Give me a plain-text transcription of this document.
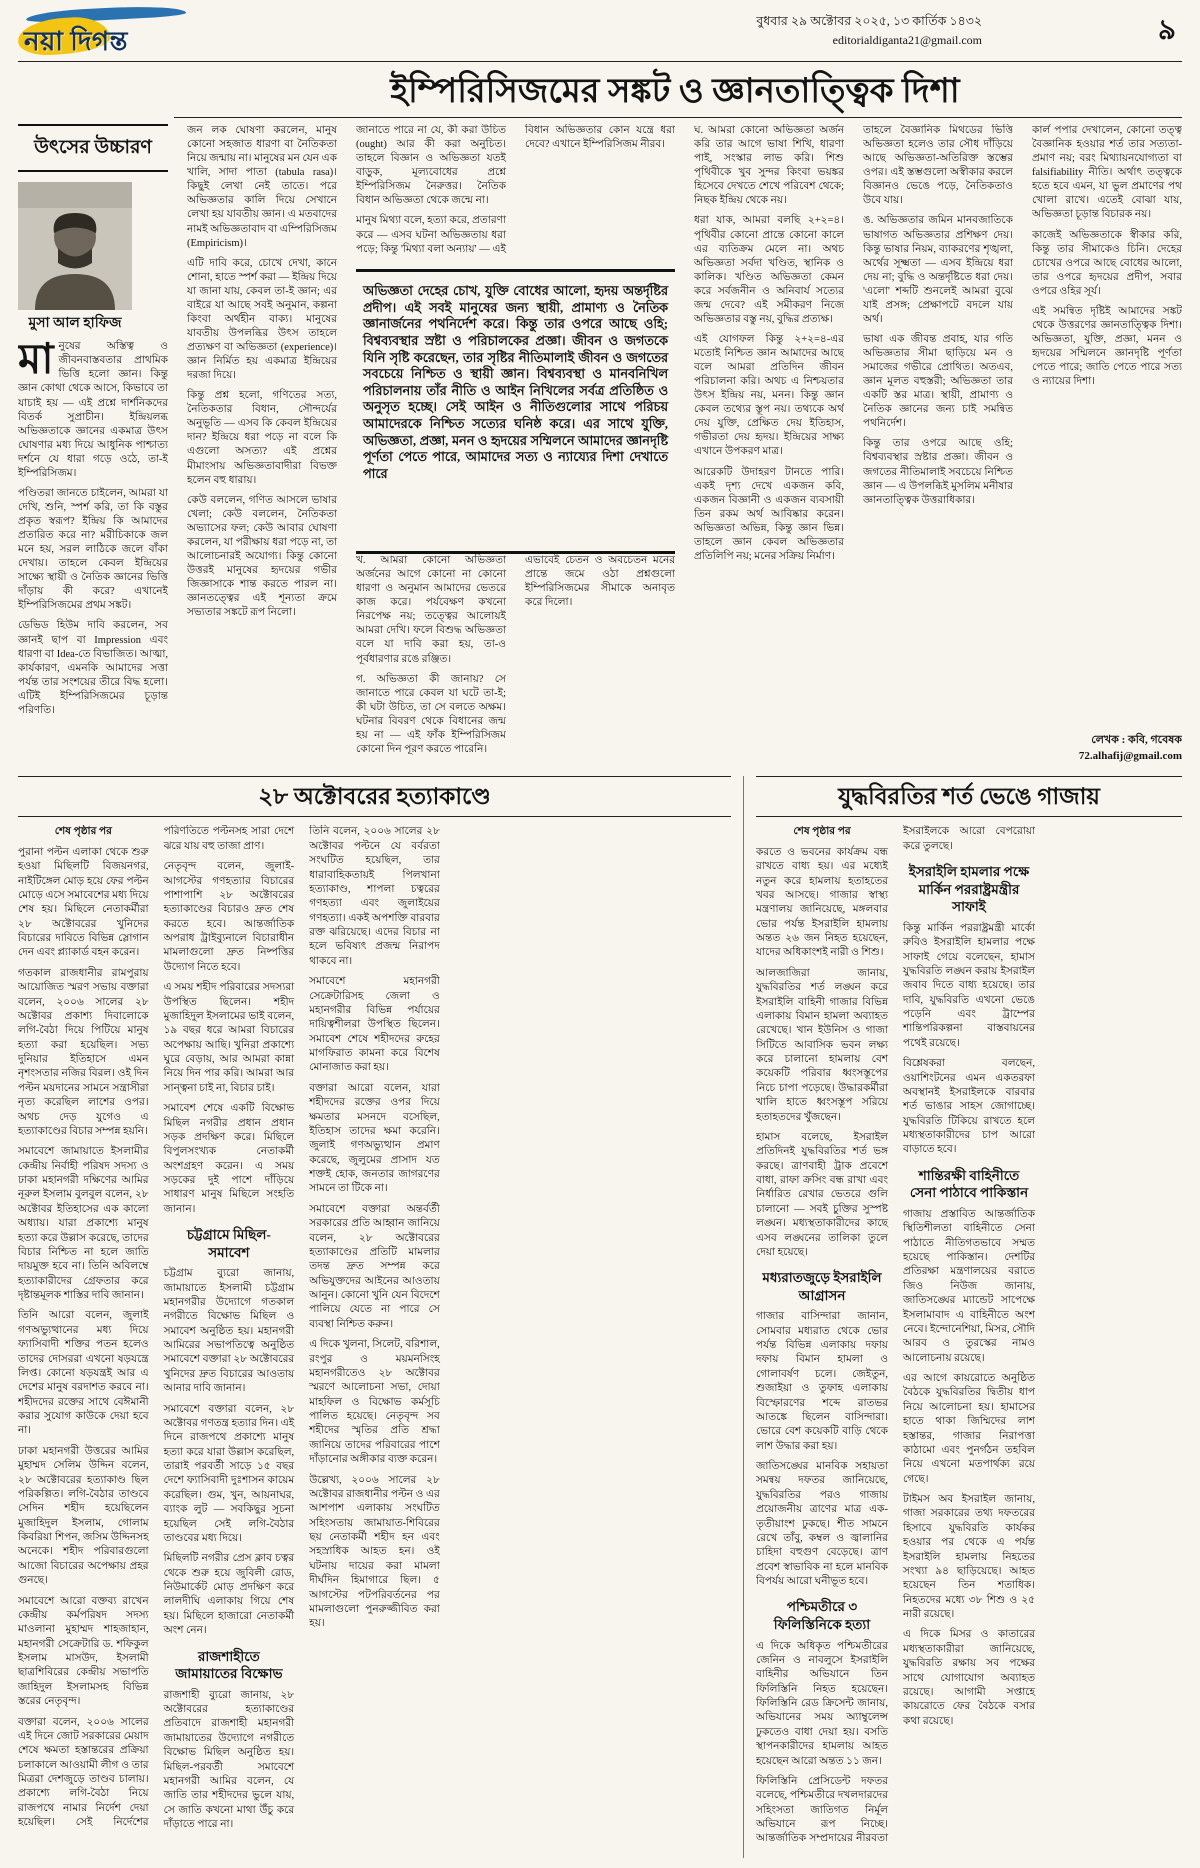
নয়া দিগন্ত
বুধবার ২৯ অক্টোবর ২০২৫, ১৩ কার্তিক ১৪৩২
editorialdiganta21@gmail.com	৯
ইম্পিরিসিজমের সঙ্কট ও জ্ঞানতাত্ত্বিক দিশা
উৎসের উচ্চারণ
মুসা আল হাফিজ

মানুষের অস্তিত্ব ও জীবনবাস্তবতার প্রাথমিক ভিত্তি হলো জ্ঞান। কিন্তু জ্ঞান কোথা থেকে আসে, কিভাবে তা যাচাই হয় — এই প্রশ্নে দার্শনিকদের বিতর্ক সুপ্রাচীন। ইন্দ্রিয়লব্ধ অভিজ্ঞতাকে জ্ঞানের একমাত্র উৎস ঘোষণার মধ্য দিয়ে আধুনিক পাশ্চাত্য দর্শনে যে ধারা গড়ে ওঠে, তা-ই ইম্পিরিসিজম।

পণ্ডিতরা জানতে চাইলেন, আমরা যা দেখি, শুনি, স্পর্শ করি, তা কি বস্তুর প্রকৃত স্বরূপ? ইন্দ্রিয় কি আমাদের প্রতারিত করে না? মরীচিকাকে জল মনে হয়, সরল লাঠিকে জলে বাঁকা দেখায়। তাহলে কেবল ইন্দ্রিয়ের সাক্ষ্যে স্থায়ী ও নৈতিক জ্ঞানের ভিত্তি দাঁড়ায় কী করে? এখানেই ইম্পিরিসিজমের প্রথম সঙ্কট।

ডেভিড হিউম দাবি করলেন, সব জ্ঞানই ছাপ বা Impression এবং ধারণা বা Idea-তে বিভাজিত। আত্মা, কার্যকারণ, এমনকি আমাদের সত্তা পর্যন্ত তার সংশয়ের তীরে বিদ্ধ হলো। এটিই ইম্পিরিসিজমের চূড়ান্ত পরিণতি।

জন লক ঘোষণা করলেন, মানুষ কোনো সহজাত ধারণা বা নৈতিকতা নিয়ে জন্মায় না। মানুষের মন যেন এক খালি, সাদা পাতা (tabula rasa)। কিছুই লেখা নেই তাতে। পরে অভিজ্ঞতার কালি দিয়ে সেখানে লেখা হয় যাবতীয় জ্ঞান। এ মতবাদের নামই অভিজ্ঞতাবাদ বা এম্পিরিসিজম (Empiricism)।

এটি দাবি করে, চোখে দেখা, কানে শোনা, হাতে স্পর্শ করা — ইন্দ্রিয় দিয়ে যা জানা যায়, কেবল তা-ই জ্ঞান; এর বাইরে যা আছে সবই অনুমান, কল্পনা কিংবা অর্থহীন বাক্য। মানুষের যাবতীয় উপলব্ধির উৎস তাহলে প্রত্যক্ষণ বা অভিজ্ঞতা (experience)। জ্ঞান নির্মিত হয় একমাত্র ইন্দ্রিয়ের দরজা দিয়ে।

কিন্তু প্রশ্ন হলো, গণিতের সত্য, নৈতিকতার বিধান, সৌন্দর্যের অনুভূতি — এসব কি কেবল ইন্দ্রিয়ের দান? ইন্দ্রিয়ে ধরা পড়ে না বলে কি এগুলো অসত্য? এই প্রশ্নের মীমাংসায় অভিজ্ঞতাবাদীরা বিভক্ত হলেন বহু ধারায়।

কেউ বললেন, গণিত আসলে ভাষার খেলা; কেউ বললেন, নৈতিকতা অভ্যাসের ফল; কেউ আবার ঘোষণা করলেন, যা পরীক্ষায় ধরা পড়ে না, তা আলোচনারই অযোগ্য। কিন্তু কোনো উত্তরই মানুষের হৃদয়ের গভীর জিজ্ঞাসাকে শান্ত করতে পারল না। জ্ঞানতত্ত্বের এই শূন্যতা ক্রমে সভ্যতার সঙ্কটে রূপ নিলো।

জানাতে পারে না যে, কী করা উচিত (ought) আর কী করা অনুচিত। তাহলে বিজ্ঞান ও অভিজ্ঞতা যতই বাড়ুক, মূল্যবোধের প্রশ্নে ইম্পিরিসিজম নৈরুত্তর। নৈতিক বিধান অভিজ্ঞতা থেকে জন্মে না।

মানুষ মিথ্যা বলে, হত্যা করে, প্রতারণা করে — এসব ঘটনা অভিজ্ঞতায় ধরা পড়ে; কিন্তু 'মিথ্যা বলা অন্যায়' — এই বিধান অভিজ্ঞতার কোন যন্ত্রে ধরা দেবে? এখানে ইম্পিরিসিজম নীরব।

অভিজ্ঞতা দেহের চোখ, যুক্তি বোধের আলো, হৃদয় অন্তর্দৃষ্টির প্রদীপ। এই সবই মানুষের জন্য স্থায়ী, প্রামাণ্য ও নৈতিক জ্ঞানার্জনের পথনির্দেশ করে। কিন্তু তার ওপরে আছে ওহি; বিশ্বব্যবস্থার স্রষ্টা ও পরিচালকের প্রজ্ঞা। জীবন ও জগতকে যিনি সৃষ্টি করেছেন, তার সৃষ্টির নীতিমালাই জীবন ও জগতের সবচেয়ে নিশ্চিত ও স্থায়ী জ্ঞান। বিশ্বব্যবস্থা ও মানবনিখিল পরিচালনায় তাঁর নীতি ও আইন নিখিলের সর্বত্র প্রতিষ্ঠিত ও অনুসৃত হচ্ছে। সেই আইন ও নীতিগুলোর সাথে পরিচয় আমাদেরকে নিশ্চিত সত্যের ঘনিষ্ঠ করে। এর সাথে যুক্তি, অভিজ্ঞতা, প্রজ্ঞা, মনন ও হৃদয়ের সম্মিলনে আমাদের জ্ঞানদৃষ্টি পূর্ণতা পেতে পারে, আমাদের সত্য ও ন্যায্যের দিশা দেখাতে পারে

খ. আমরা কোনো অভিজ্ঞতা অর্জনের আগে কোনো না কোনো ধারণা ও অনুমান আমাদের ভেতরে কাজ করে। পর্যবেক্ষণ কখনো নিরপেক্ষ নয়; তত্ত্বের আলোয়ই আমরা দেখি। ফলে বিশুদ্ধ অভিজ্ঞতা বলে যা দাবি করা হয়, তা-ও পূর্বধারণার রঙে রঞ্জিত।

গ. অভিজ্ঞতা কী জানায়? সে জানাতে পারে কেবল যা ঘটে তা-ই; কী ঘটা উচিত, তা সে বলতে অক্ষম। ঘটনার বিবরণ থেকে বিধানের জন্ম হয় না — এই ফাঁক ইম্পিরিসিজম কোনো দিন পূরণ করতে পারেনি।

এভাবেই চেতন ও অবচেতন মনের প্রান্তে জমে ওঠা প্রশ্নগুলো ইম্পিরিসিজমের সীমাকে অনাবৃত করে দিলো।

ঘ. আমরা কোনো অভিজ্ঞতা অর্জন করি তার আগে ভাষা শিখি, ধারণা পাই, সংস্কার লাভ করি। শিশু পৃথিবীকে খুব সুন্দর কিংবা ভয়ঙ্কর হিসেবে দেখতে শেখে পরিবেশ থেকে; নিছক ইন্দ্রিয় থেকে নয়।

ধরা যাক, আমরা বলছি ২+২=৪। পৃথিবীর কোনো প্রান্তে কোনো কালে এর ব্যতিক্রম মেলে না। অথচ অভিজ্ঞতা সর্বদা খণ্ডিত, স্থানিক ও কালিক। খণ্ডিত অভিজ্ঞতা কেমন করে সর্বজনীন ও অনিবার্য সত্যের জন্ম দেবে? এই সমীকরণ নিজে অভিজ্ঞতার বস্তু নয়, বুদ্ধির প্রত্যক্ষ।

এই যোগফল কিন্তু ২+২=৪-এর মতোই নিশ্চিত জ্ঞান আমাদের আছে বলে আমরা প্রতিদিন জীবন পরিচালনা করি। অথচ এ নিশ্চয়তার উৎস ইন্দ্রিয় নয়, মনন। কিন্তু জ্ঞান কেবল তথ্যের স্তূপ নয়। তথ্যকে অর্থ দেয় যুক্তি, প্রেক্ষিত দেয় ইতিহাস, গভীরতা দেয় হৃদয়। ইন্দ্রিয়ের সাক্ষ্য এখানে উপকরণ মাত্র।

আরেকটি উদাহরণ টানতে পারি। একই দৃশ্য দেখে একজন কবি, একজন বিজ্ঞানী ও একজন ব্যবসায়ী তিন রকম অর্থ আবিষ্কার করেন। অভিজ্ঞতা অভিন্ন, কিন্তু জ্ঞান ভিন্ন। তাহলে জ্ঞান কেবল অভিজ্ঞতার প্রতিলিপি নয়; মনের সক্রিয় নির্মাণ।

তাহলে বৈজ্ঞানিক মিথডের ভিত্তি অভিজ্ঞতা হলেও তার সৌধ দাঁড়িয়ে আছে অভিজ্ঞতা-অতিরিক্ত স্তম্ভের ওপর। এই স্তম্ভগুলো অস্বীকার করলে বিজ্ঞানও ভেঙে পড়ে, নৈতিকতাও উবে যায়।

ঙ. অভিজ্ঞতার জমিন মানবজাতিকে ভাষাগত অভিজ্ঞতার প্রশিক্ষণ দেয়। কিন্তু ভাষার নিয়ম, ব্যাকরণের শৃঙ্খলা, অর্থের সূক্ষ্মতা — এসব ইন্দ্রিয়ে ধরা দেয় না; বুদ্ধি ও অন্তর্দৃষ্টিতে ধরা দেয়। 'এলো' শব্দটি শুনলেই আমরা বুঝে যাই প্রসঙ্গ; প্রেক্ষাপটে বদলে যায় অর্থ।

ভাষা এক জীবন্ত প্রবাহ, যার গতি অভিজ্ঞতার সীমা ছাড়িয়ে মন ও সমাজের গভীরে প্রোথিত। অতএব, জ্ঞান মূলত বহুস্তরী; অভিজ্ঞতা তার একটি স্তর মাত্র। স্থায়ী, প্রামাণ্য ও নৈতিক জ্ঞানের জন্য চাই সমন্বিত পথনির্দেশ।

কিন্তু তার ওপরে আছে ওহি; বিশ্বব্যবস্থার স্রষ্টার প্রজ্ঞা। জীবন ও জগতের নীতিমালাই সবচেয়ে নিশ্চিত জ্ঞান — এ উপলব্ধিই মুসলিম মনীষার জ্ঞানতাত্ত্বিক উত্তরাধিকার।

কার্ল পপার দেখালেন, কোনো তত্ত্ব বৈজ্ঞানিক হওয়ার শর্ত তার সত্যতা-প্রমাণ নয়; বরং মিথ্যায়নযোগ্যতা বা falsifiability নীতি। অর্থাৎ তত্ত্বকে হতে হবে এমন, যা ভুল প্রমাণের পথ খোলা রাখে। এতেই বোঝা যায়, অভিজ্ঞতা চূড়ান্ত বিচারক নয়।

কাজেই অভিজ্ঞতাকে স্বীকার করি, কিন্তু তার সীমাকেও চিনি। দেহের চোখের ওপরে আছে বোধের আলো, তার ওপরে হৃদয়ের প্রদীপ, সবার ওপরে ওহির সূর্য।

এই সমন্বিত দৃষ্টিই আমাদের সঙ্কট থেকে উত্তরণের জ্ঞানতাত্ত্বিক দিশা। অভিজ্ঞতা, যুক্তি, প্রজ্ঞা, মনন ও হৃদয়ের সম্মিলনে জ্ঞানদৃষ্টি পূর্ণতা পেতে পারে; জাতি পেতে পারে সত্য ও ন্যায়ের দিশা।

লেখক : কবি, গবেষক
72.alhafij@gmail.com
২৮ অক্টোবরের হত্যাকাণ্ডে

শেষ পৃষ্ঠার পর

পুরানা পল্টন এলাকা থেকে শুরু হওয়া মিছিলটি বিজয়নগর, নাইটিঙ্গেল মোড় হয়ে ফের পল্টন মোড়ে এসে সমাবেশের মধ্য দিয়ে শেষ হয়। মিছিলে নেতাকর্মীরা ২৮ অক্টোবরের খুনিদের বিচারের দাবিতে বিভিন্ন স্লোগান দেন এবং প্ল্যাকার্ড বহন করেন।

গতকাল রাজধানীর রামপুরায় আয়োজিত স্মরণ সভায় বক্তারা বলেন, ২০০৬ সালের ২৮ অক্টোবর প্রকাশ্য দিবালোকে লগি-বৈঠা দিয়ে পিটিয়ে মানুষ হত্যা করা হয়েছিল। সভ্য দুনিয়ার ইতিহাসে এমন নৃশংসতার নজির বিরল। ওই দিন পল্টন ময়দানের সামনে সন্ত্রাসীরা নৃত্য করেছিল লাশের ওপর। অথচ দেড় যুগেও এ হত্যাকাণ্ডের বিচার সম্পন্ন হয়নি।

সমাবেশে জামায়াতে ইসলামীর কেন্দ্রীয় নির্বাহী পরিষদ সদস্য ও ঢাকা মহানগরী দক্ষিণের আমির নূরুল ইসলাম বুলবুল বলেন, ২৮ অক্টোবর ইতিহাসের এক কালো অধ্যায়। যারা প্রকাশ্যে মানুষ হত্যা করে উল্লাস করেছে, তাদের বিচার নিশ্চিত না হলে জাতি দায়মুক্ত হবে না। তিনি অবিলম্বে হত্যাকারীদের গ্রেফতার করে দৃষ্টান্তমূলক শাস্তির দাবি জানান।

তিনি আরো বলেন, জুলাই গণঅভ্যুত্থানের মধ্য দিয়ে ফ্যাসিবাদী শক্তির পতন হলেও তাদের দোসররা এখনো ষড়যন্ত্রে লিপ্ত। কোনো ষড়যন্ত্রই আর এ দেশের মানুষ বরদাশত করবে না। শহীদদের রক্তের সাথে বেঈমানী করার সুযোগ কাউকে দেয়া হবে না।

ঢাকা মহানগরী উত্তরের আমির মুহাম্মদ সেলিম উদ্দিন বলেন, ২৮ অক্টোবরের হত্যাকাণ্ড ছিল পরিকল্পিত। লগি-বৈঠার তাণ্ডবে সেদিন শহীদ হয়েছিলেন মুজাহিদুল ইসলাম, গোলাম কিবরিয়া শিপন, জসিম উদ্দিনসহ অনেকে। শহীদ পরিবারগুলো আজো বিচারের অপেক্ষায় প্রহর গুনছে।

সমাবেশে আরো বক্তব্য রাখেন কেন্দ্রীয় কর্মপরিষদ সদস্য মাওলানা মুহাম্মদ শাহজাহান, মহানগরী সেক্রেটারি ড. শফিকুল ইসলাম মাসউদ, ইসলামী ছাত্রশিবিরের কেন্দ্রীয় সভাপতি জাহিদুল ইসলামসহ বিভিন্ন স্তরের নেতৃবৃন্দ।

বক্তারা বলেন, ২০০৬ সালের এই দিনে জোট সরকারের মেয়াদ শেষে ক্ষমতা হস্তান্তরের প্রক্রিয়া চলাকালে আওয়ামী লীগ ও তার মিত্ররা দেশজুড়ে তাণ্ডব চালায়। প্রকাশ্যে লগি-বৈঠা নিয়ে রাজপথে নামার নির্দেশ দেয়া হয়েছিল। সেই নির্দেশের পরিণতিতে পল্টনসহ সারা দেশে ঝরে যায় বহু তাজা প্রাণ।

নেতৃবৃন্দ বলেন, জুলাই-আগস্টের গণহত্যার বিচারের পাশাপাশি ২৮ অক্টোবরের হত্যাকাণ্ডের বিচারও দ্রুত শেষ করতে হবে। আন্তর্জাতিক অপরাধ ট্রাইব্যুনালে বিচারাধীন মামলাগুলো দ্রুত নিষ্পত্তির উদ্যোগ নিতে হবে।

এ সময় শহীদ পরিবারের সদস্যরা উপস্থিত ছিলেন। শহীদ মুজাহিদুল ইসলামের ভাই বলেন, ১৯ বছর ধরে আমরা বিচারের অপেক্ষায় আছি। খুনিরা প্রকাশ্যে ঘুরে বেড়ায়, আর আমরা কান্না নিয়ে দিন পার করি। আমরা আর সান্ত্বনা চাই না, বিচার চাই।

সমাবেশ শেষে একটি বিক্ষোভ মিছিল নগরীর প্রধান প্রধান সড়ক প্রদক্ষিণ করে। মিছিলে বিপুলসংখ্যক নেতাকর্মী অংশগ্রহণ করেন। এ সময় সড়কের দুই পাশে দাঁড়িয়ে সাধারণ মানুষ মিছিলে সংহতি জানান।

চট্টগ্রামে মিছিল-সমাবেশ

চট্টগ্রাম ব্যুরো জানায়, জামায়াতে ইসলামী চট্টগ্রাম মহানগরীর উদ্যোগে গতকাল নগরীতে বিক্ষোভ মিছিল ও সমাবেশ অনুষ্ঠিত হয়। মহানগরী আমিরের সভাপতিত্বে অনুষ্ঠিত সমাবেশে বক্তারা ২৮ অক্টোবরের খুনিদের দ্রুত বিচারের আওতায় আনার দাবি জানান।

সমাবেশে বক্তারা বলেন, ২৮ অক্টোবর গণতন্ত্র হত্যার দিন। এই দিনে রাজপথে প্রকাশ্যে মানুষ হত্যা করে যারা উল্লাস করেছিল, তারাই পরবর্তী সাড়ে ১৫ বছর দেশে ফ্যাসিবাদী দুঃশাসন কায়েম করেছিল। গুম, খুন, আয়নাঘর, ব্যাংক লুট — সবকিছুর সূচনা হয়েছিল সেই লগি-বৈঠার তাণ্ডবের মধ্য দিয়ে।

মিছিলটি নগরীর প্রেস ক্লাব চত্বর থেকে শুরু হয়ে জুবিলী রোড, নিউমার্কেট মোড় প্রদক্ষিণ করে লালদীঘি এলাকায় গিয়ে শেষ হয়। মিছিলে হাজারো নেতাকর্মী অংশ নেন।

রাজশাহীতে জামায়াতের বিক্ষোভ

রাজশাহী ব্যুরো জানায়, ২৮ অক্টোবরের হত্যাকাণ্ডের প্রতিবাদে রাজশাহী মহানগরী জামায়াতের উদ্যোগে নগরীতে বিক্ষোভ মিছিল অনুষ্ঠিত হয়। মিছিল-পরবর্তী সমাবেশে মহানগরী আমির বলেন, যে জাতি তার শহীদদের ভুলে যায়, সে জাতি কখনো মাথা উঁচু করে দাঁড়াতে পারে না।

তিনি বলেন, ২০০৬ সালের ২৮ অক্টোবর পল্টনে যে বর্বরতা সংঘটিত হয়েছিল, তার ধারাবাহিকতায়ই পিলখানা হত্যাকাণ্ড, শাপলা চত্বরের গণহত্যা এবং জুলাইয়ের গণহত্যা। একই অপশক্তি বারবার রক্ত ঝরিয়েছে। এদের বিচার না হলে ভবিষ্যৎ প্রজন্ম নিরাপদ থাকবে না।

সমাবেশে মহানগরী সেক্রেটারিসহ জেলা ও মহানগরীর বিভিন্ন পর্যায়ের দায়িত্বশীলরা উপস্থিত ছিলেন। সমাবেশ শেষে শহীদদের রুহের মাগফিরাত কামনা করে বিশেষ মোনাজাত করা হয়।

বক্তারা আরো বলেন, যারা শহীদদের রক্তের ওপর দিয়ে ক্ষমতার মসনদে বসেছিল, ইতিহাস তাদের ক্ষমা করেনি। জুলাই গণঅভ্যুত্থান প্রমাণ করেছে, জুলুমের প্রাসাদ যত শক্তই হোক, জনতার জাগরণের সামনে তা টিকে না।

সমাবেশে বক্তারা অন্তর্বর্তী সরকারের প্রতি আহ্বান জানিয়ে বলেন, ২৮ অক্টোবরের হত্যাকাণ্ডের প্রতিটি মামলার তদন্ত দ্রুত সম্পন্ন করে অভিযুক্তদের আইনের আওতায় আনুন। কোনো খুনি যেন বিদেশে পালিয়ে যেতে না পারে সে ব্যবস্থা নিশ্চিত করুন।

এ দিকে খুলনা, সিলেট, বরিশাল, রংপুর ও ময়মনসিংহ মহানগরীতেও ২৮ অক্টোবর স্মরণে আলোচনা সভা, দোয়া মাহফিল ও বিক্ষোভ কর্মসূচি পালিত হয়েছে। নেতৃবৃন্দ সব শহীদের স্মৃতির প্রতি শ্রদ্ধা জানিয়ে তাদের পরিবারের পাশে দাঁড়ানোর অঙ্গীকার ব্যক্ত করেন।

উল্লেখ্য, ২০০৬ সালের ২৮ অক্টোবর রাজধানীর পল্টন ও এর আশপাশ এলাকায় সংঘটিত সহিংসতায় জামায়াত-শিবিরের ছয় নেতাকর্মী শহীদ হন এবং সহস্রাধিক আহত হন। ওই ঘটনায় দায়ের করা মামলা দীর্ঘদিন হিমাগারে ছিল। ৫ আগস্টের পটপরিবর্তনের পর মামলাগুলো পুনরুজ্জীবিত করা হয়।

যুদ্ধবিরতির শর্ত ভেঙে গাজায়

শেষ পৃষ্ঠার পর

করতে ও ভবনের কার্যক্রম বন্ধ রাখতে বাধ্য হয়। এর মধ্যেই নতুন করে হামলায় হতাহতের খবর আসছে। গাজার স্বাস্থ্য মন্ত্রণালয় জানিয়েছে, মঙ্গলবার ভোর পর্যন্ত ইসরাইলি হামলায় অন্তত ২৬ জন নিহত হয়েছেন, যাদের অধিকাংশই নারী ও শিশু।

আলজাজিরা জানায়, যুদ্ধবিরতির শর্ত লঙ্ঘন করে ইসরাইলি বাহিনী গাজার বিভিন্ন এলাকায় বিমান হামলা অব্যাহত রেখেছে। খান ইউনিস ও গাজা সিটিতে আবাসিক ভবন লক্ষ্য করে চালানো হামলায় বেশ কয়েকটি পরিবার ধ্বংসস্তূপের নিচে চাপা পড়েছে। উদ্ধারকর্মীরা খালি হাতে ধ্বংসস্তূপ সরিয়ে হতাহতদের খুঁজছেন।

হামাস বলেছে, ইসরাইল প্রতিদিনই যুদ্ধবিরতির শর্ত ভঙ্গ করছে। ত্রাণবাহী ট্রাক প্রবেশে বাধা, রাফা ক্রসিং বন্ধ রাখা এবং নির্ধারিত রেখার ভেতরে গুলি চালানো — সবই চুক্তির সুস্পষ্ট লঙ্ঘন। মধ্যস্থতাকারীদের কাছে এসব লঙ্ঘনের তালিকা তুলে দেয়া হয়েছে।

মধ্যরাতজুড়ে ইসরাইলি আগ্রাসন

গাজার বাসিন্দারা জানান, সোমবার মধ্যরাত থেকে ভোর পর্যন্ত বিভিন্ন এলাকায় দফায় দফায় বিমান হামলা ও গোলাবর্ষণ চলে। জেইতুন, শুজাইয়া ও তুফাহ এলাকায় বিস্ফোরণের শব্দে রাতভর আতঙ্কে ছিলেন বাসিন্দারা। ভোরে বেশ কয়েকটি বাড়ি থেকে লাশ উদ্ধার করা হয়।

জাতিসঙ্ঘের মানবিক সহায়তা সমন্বয় দফতর জানিয়েছে, যুদ্ধবিরতির পরও গাজায় প্রয়োজনীয় ত্রাণের মাত্র এক-তৃতীয়াংশ ঢুকছে। শীত সামনে রেখে তাঁবু, কম্বল ও জ্বালানির চাহিদা বহুগুণ বেড়েছে। ত্রাণ প্রবেশ স্বাভাবিক না হলে মানবিক বিপর্যয় আরো ঘনীভূত হবে।

পশ্চিমতীরে ৩ ফিলিস্তিনিকে হত্যা

এ দিকে অধিকৃত পশ্চিমতীরের জেনিন ও নাবলুসে ইসরাইলি বাহিনীর অভিযানে তিন ফিলিস্তিনি নিহত হয়েছেন। ফিলিস্তিনি রেড ক্রিসেন্ট জানায়, অভিযানের সময় অ্যাম্বুলেন্স ঢুকতেও বাধা দেয়া হয়। বসতি স্থাপনকারীদের হামলায় আহত হয়েছেন আরো অন্তত ১১ জন।

ফিলিস্তিনি প্রেসিডেন্ট দফতর বলেছে, পশ্চিমতীরে দখলদারদের সহিংসতা জাতিগত নির্মূল অভিযানে রূপ নিচ্ছে। আন্তর্জাতিক সম্প্রদায়ের নীরবতা ইসরাইলকে আরো বেপরোয়া করে তুলছে।

ইসরাইলি হামলার পক্ষে মার্কিন পররাষ্ট্রমন্ত্রীর সাফাই

কিন্তু মার্কিন পররাষ্ট্রমন্ত্রী মার্কো রুবিও ইসরাইলি হামলার পক্ষে সাফাই গেয়ে বলেছেন, হামাস যুদ্ধবিরতি লঙ্ঘন করায় ইসরাইল জবাব দিতে বাধ্য হয়েছে। তার দাবি, যুদ্ধবিরতি এখনো ভেঙে পড়েনি এবং ট্রাম্পের শান্তিপরিকল্পনা বাস্তবায়নের পথেই রয়েছে।

বিশ্লেষকরা বলছেন, ওয়াশিংটনের এমন একতরফা অবস্থানই ইসরাইলকে বারবার শর্ত ভাঙার সাহস জোগাচ্ছে। যুদ্ধবিরতি টিকিয়ে রাখতে হলে মধ্যস্থতাকারীদের চাপ আরো বাড়াতে হবে।

শান্তিরক্ষী বাহিনীতে সেনা পাঠাবে পাকিস্তান

গাজায় প্রস্তাবিত আন্তর্জাতিক স্থিতিশীলতা বাহিনীতে সেনা পাঠাতে নীতিগতভাবে সম্মত হয়েছে পাকিস্তান। দেশটির প্রতিরক্ষা মন্ত্রণালয়ের বরাতে জিও নিউজ জানায়, জাতিসঙ্ঘের ম্যান্ডেট সাপেক্ষে ইসলামাবাদ এ বাহিনীতে অংশ নেবে। ইন্দোনেশিয়া, মিসর, সৌদি আরব ও তুরস্কের নামও আলোচনায় রয়েছে।

এর আগে কায়রোতে অনুষ্ঠিত বৈঠকে যুদ্ধবিরতির দ্বিতীয় ধাপ নিয়ে আলোচনা হয়। হামাসের হাতে থাকা জিম্মিদের লাশ হস্তান্তর, গাজার নিরাপত্তা কাঠামো এবং পুনর্গঠন তহবিল নিয়ে এখনো মতপার্থক্য রয়ে গেছে।

টাইমস অব ইসরাইল জানায়, গাজা সরকারের তথ্য দফতরের হিসাবে যুদ্ধবিরতি কার্যকর হওয়ার পর থেকে এ পর্যন্ত ইসরাইলি হামলায় নিহতের সংখ্যা ৯৪ ছাড়িয়েছে। আহত হয়েছেন তিন শতাধিক। নিহতদের মধ্যে ৩৮ শিশু ও ২৫ নারী রয়েছে।

এ দিকে মিসর ও কাতারের মধ্যস্থতাকারীরা জানিয়েছে, যুদ্ধবিরতি রক্ষায় সব পক্ষের সাথে যোগাযোগ অব্যাহত রয়েছে। আগামী সপ্তাহে কায়রোতে ফের বৈঠকে বসার কথা রয়েছে।
